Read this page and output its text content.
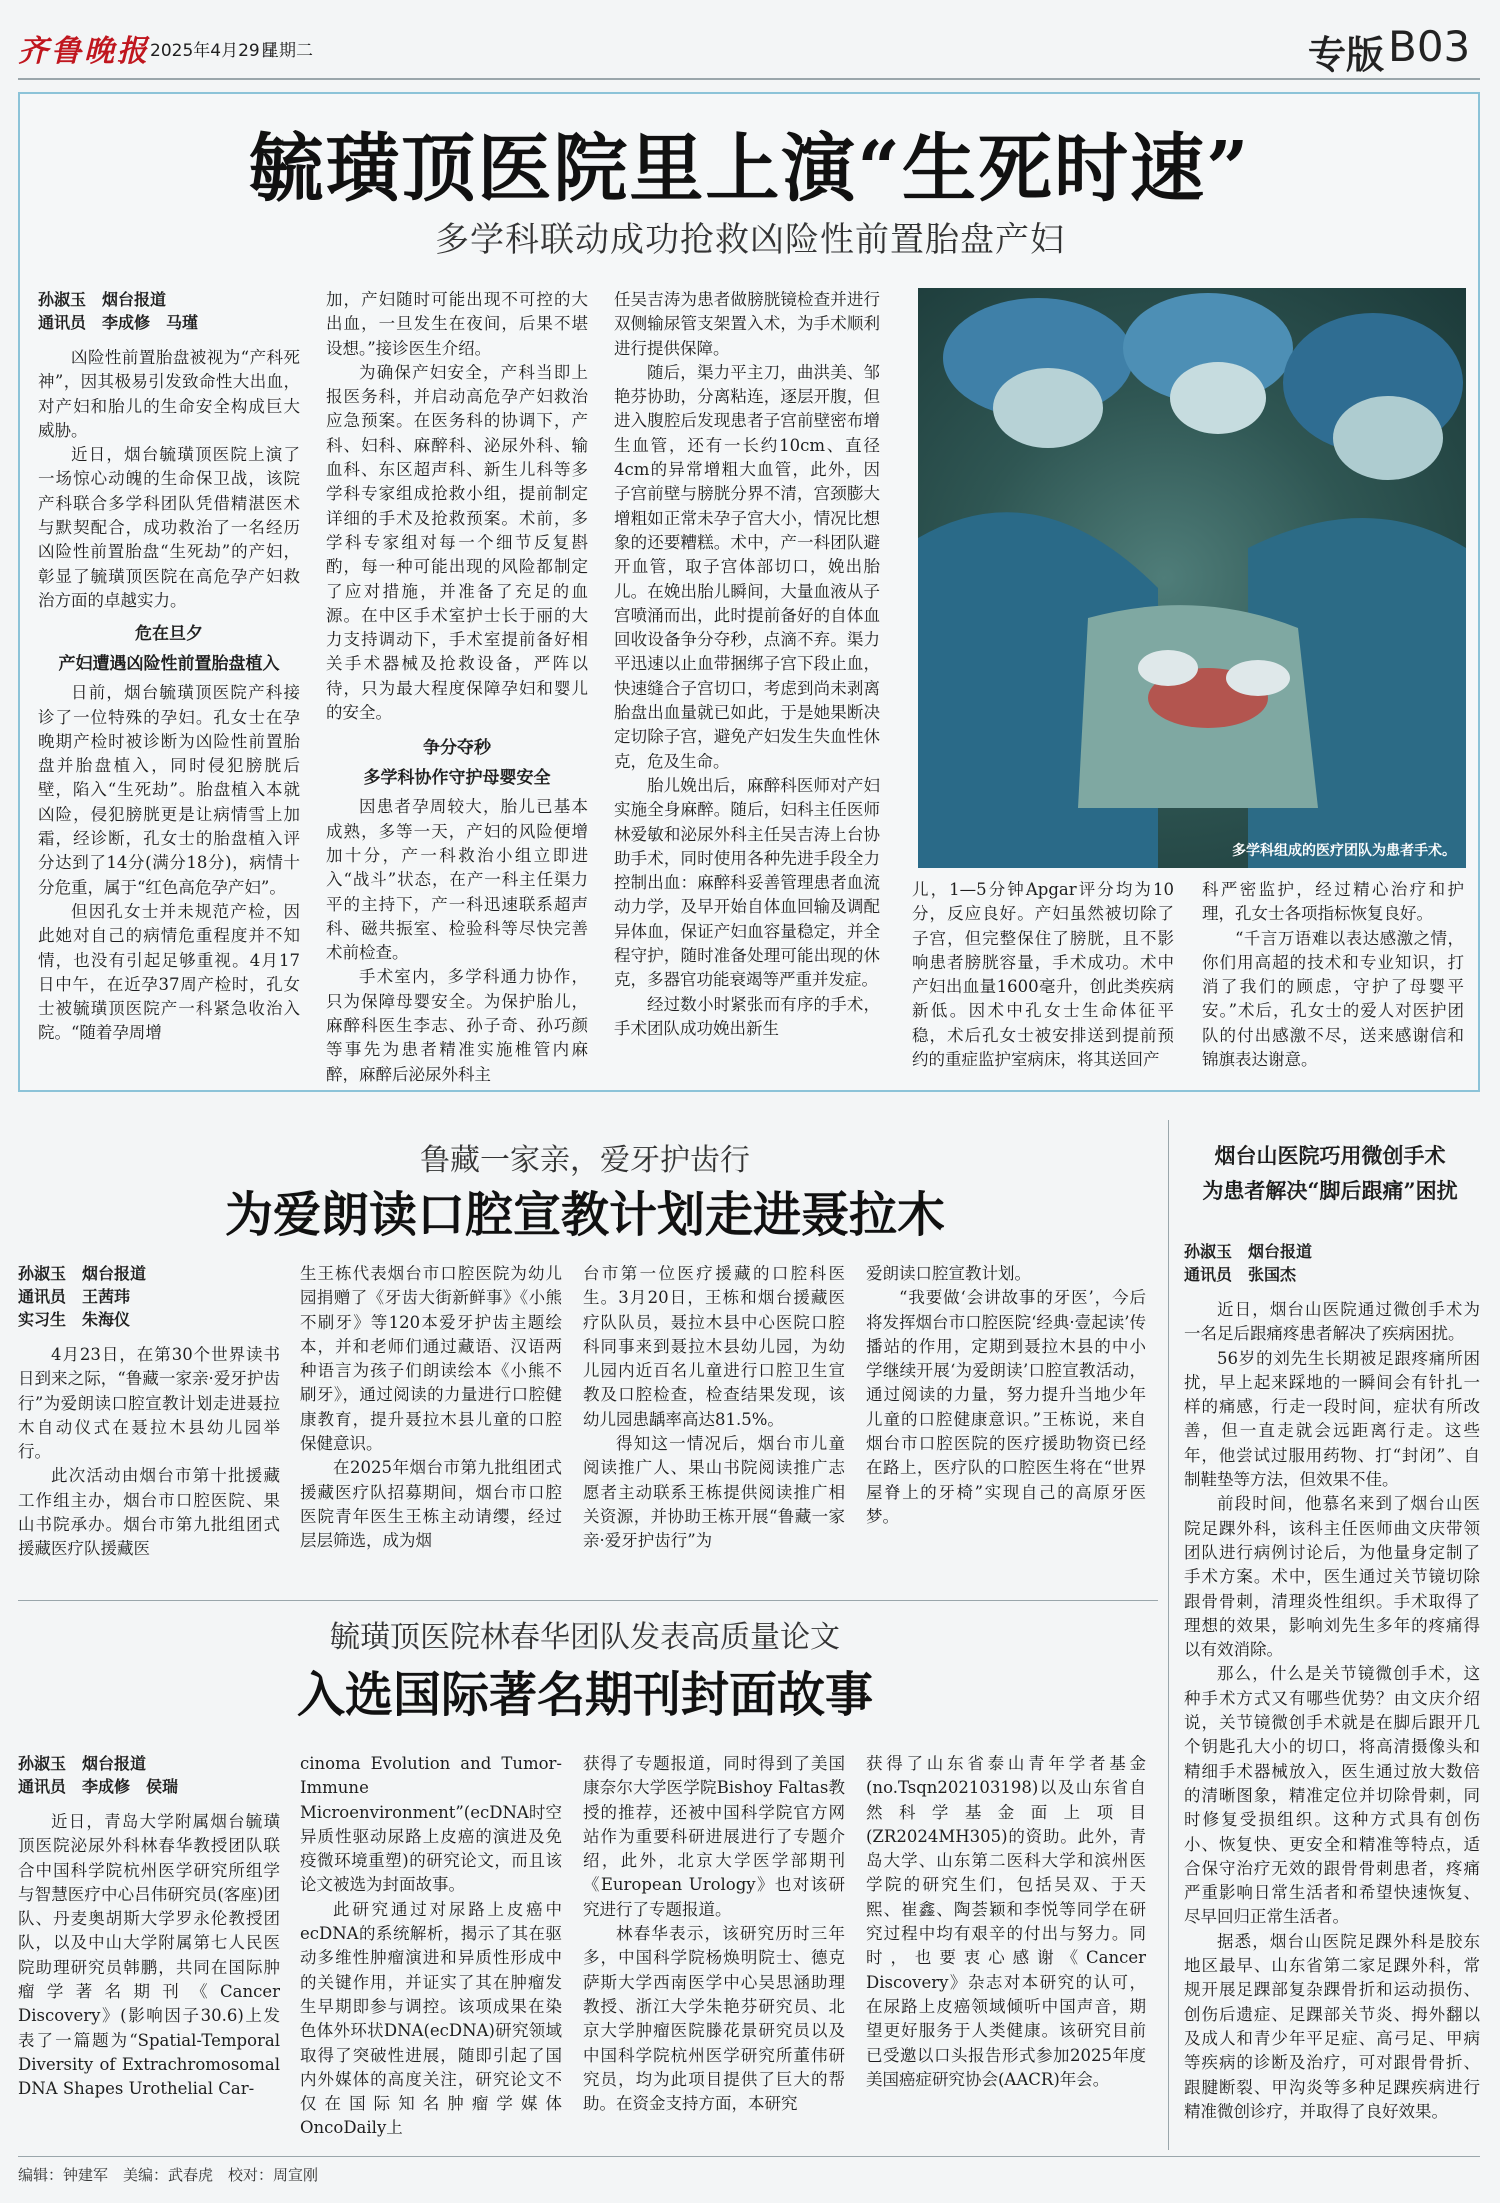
齐鲁晚报 2025年4月29日
星期二	专版 B03
毓璜顶医院里上演“生死时速”
多学科联动成功抢救凶险性前置胎盘产妇
孙淑玉　烟台报道
通讯员　李成修　马瑾

凶险性前置胎盘被视为“产科死神”，因其极易引发致命性大出血，对产妇和胎儿的生命安全构成巨大威胁。

近日，烟台毓璜顶医院上演了一场惊心动魄的生命保卫战，该院产科联合多学科团队凭借精湛医术与默契配合，成功救治了一名经历凶险性前置胎盘“生死劫”的产妇，彰显了毓璜顶医院在高危孕产妇救治方面的卓越实力。

危在旦夕
产妇遭遇凶险性前置胎盘植入

日前，烟台毓璜顶医院产科接诊了一位特殊的孕妇。孔女士在孕晚期产检时被诊断为凶险性前置胎盘并胎盘植入，同时侵犯膀胱后壁，陷入“生死劫”。胎盘植入本就凶险，侵犯膀胱更是让病情雪上加霜，经诊断，孔女士的胎盘植入评分达到了14分(满分18分)，病情十分危重，属于“红色高危孕产妇”。

但因孔女士并未规范产检，因此她对自己的病情危重程度并不知情，也没有引起足够重视。4月17日中午，在近孕37周产检时，孔女士被毓璜顶医院产一科紧急收治入院。“随着孕周增

加，产妇随时可能出现不可控的大出血，一旦发生在夜间，后果不堪设想。”接诊医生介绍。

为确保产妇安全，产科当即上报医务科，并启动高危孕产妇救治应急预案。在医务科的协调下，产科、妇科、麻醉科、泌尿外科、输血科、东区超声科、新生儿科等多学科专家组成抢救小组，提前制定详细的手术及抢救预案。术前，多学科专家组对每一个细节反复斟酌，每一种可能出现的风险都制定了应对措施，并准备了充足的血源。在中区手术室护士长于丽的大力支持调动下，手术室提前备好相关手术器械及抢救设备，严阵以待，只为最大程度保障孕妇和婴儿的安全。

争分夺秒
多学科协作守护母婴安全

因患者孕周较大，胎儿已基本成熟，多等一天，产妇的风险便增加十分，产一科救治小组立即进入“战斗”状态，在产一科主任渠力平的主持下，产一科迅速联系超声科、磁共振室、检验科等尽快完善术前检查。

手术室内，多学科通力协作，只为保障母婴安全。为保护胎儿，麻醉科医生李志、孙子奇、孙巧颜等事先为患者精准实施椎管内麻醉，麻醉后泌尿外科主

任吴吉涛为患者做膀胱镜检查并进行双侧输尿管支架置入术，为手术顺利进行提供保障。

随后，渠力平主刀，曲洪美、邹艳芬协助，分离粘连，逐层开腹，但进入腹腔后发现患者子宫前壁密布增生血管，还有一长约10cm、直径4cm的异常增粗大血管，此外，因子宫前壁与膀胱分界不清，宫颈膨大增粗如正常未孕子宫大小，情况比想象的还要糟糕。术中，产一科团队避开血管，取子宫体部切口，娩出胎儿。在娩出胎儿瞬间，大量血液从子宫喷涌而出，此时提前备好的自体血回收设备争分夺秒，点滴不弃。渠力平迅速以止血带捆绑子宫下段止血，快速缝合子宫切口，考虑到尚未剥离胎盘出血量就已如此，于是她果断决定切除子宫，避免产妇发生失血性休克，危及生命。

胎儿娩出后，麻醉科医师对产妇实施全身麻醉。随后，妇科主任医师林爱敏和泌尿外科主任吴吉涛上台协助手术，同时使用各种先进手段全力控制出血：麻醉科妥善管理患者血流动力学，及早开始自体血回输及调配异体血，保证产妇血容量稳定，并全程守护，随时准备处理可能出现的休克，多器官功能衰竭等严重并发症。

经过数小时紧张而有序的手术，手术团队成功娩出新生

多学科组成的医疗团队为患者手术。

儿，1—5分钟Apgar评分均为10分，反应良好。产妇虽然被切除了子宫，但完整保住了膀胱，且不影响患者膀胱容量，手术成功。术中产妇出血量1600毫升，创此类疾病新低。因术中孔女士生命体征平稳，术后孔女士被安排送到提前预约的重症监护室病床，将其送回产

科严密监护，经过精心治疗和护理，孔女士各项指标恢复良好。

“千言万语难以表达感激之情，你们用高超的技术和专业知识，打消了我们的顾虑，守护了母婴平安。”术后，孔女士的爱人对医护团队的付出感激不尽，送来感谢信和锦旗表达谢意。

鲁藏一家亲，爱牙护齿行
为爱朗读口腔宣教计划走进聂拉木
孙淑玉　烟台报道
通讯员　王茜玮
实习生　朱海仪

4月23日，在第30个世界读书日到来之际，“鲁藏一家亲·爱牙护齿行”为爱朗读口腔宣教计划走进聂拉木自动仪式在聂拉木县幼儿园举行。

此次活动由烟台市第十批援藏工作组主办，烟台市口腔医院、果山书院承办。烟台市第九批组团式援藏医疗队援藏医

生王栋代表烟台市口腔医院为幼儿园捐赠了《牙齿大街新鲜事》《小熊不刷牙》等120本爱牙护齿主题绘本，并和老师们通过藏语、汉语两种语言为孩子们朗读绘本《小熊不刷牙》，通过阅读的力量进行口腔健康教育，提升聂拉木县儿童的口腔保健意识。

在2025年烟台市第九批组团式援藏医疗队招募期间，烟台市口腔医院青年医生王栋主动请缨，经过层层筛选，成为烟

台市第一位医疗援藏的口腔科医生。3月20日，王栋和烟台援藏医疗队队员，聂拉木县中心医院口腔科同事来到聂拉木县幼儿园，为幼儿园内近百名儿童进行口腔卫生宣教及口腔检查，检查结果发现，该幼儿园患龋率高达81.5%。

得知这一情况后，烟台市儿童阅读推广人、果山书院阅读推广志愿者主动联系王栋提供阅读推广相关资源，并协助王栋开展“鲁藏一家亲·爱牙护齿行”为

爱朗读口腔宣教计划。

“我要做‘会讲故事的牙医’，今后将发挥烟台市口腔医院‘经典·壹起读’传播站的作用，定期到聂拉木县的中小学继续开展‘为爱朗读’口腔宣教活动，通过阅读的力量，努力提升当地少年儿童的口腔健康意识。”王栋说，来自烟台市口腔医院的医疗援助物资已经在路上，医疗队的口腔医生将在“世界屋脊上的牙椅”实现自己的高原牙医梦。

毓璜顶医院林春华团队发表高质量论文
入选国际著名期刊封面故事
孙淑玉　烟台报道
通讯员　李成修　侯瑞

近日，青岛大学附属烟台毓璜顶医院泌尿外科林春华教授团队联合中国科学院杭州医学研究所组学与智慧医疗中心吕伟研究员(客座)团队、丹麦奥胡斯大学罗永伦教授团队，以及中山大学附属第七人民医院助理研究员韩鹏，共同在国际肿瘤学著名期刊《Cancer Discovery》(影响因子30.6)上发表了一篇题为“Spatial-Temporal Diversity of Extrachromosomal DNA Shapes Urothelial Car-

cinoma Evolution and Tumor-Immune Microenvironment”(ecDNA时空异质性驱动尿路上皮癌的演进及免疫微环境重塑)的研究论文，而且该论文被选为封面故事。

此研究通过对尿路上皮癌中ecDNA的系统解析，揭示了其在驱动多维性肿瘤演进和异质性形成中的关键作用，并证实了其在肿瘤发生早期即参与调控。该项成果在染色体外环状DNA(ecDNA)研究领域取得了突破性进展，随即引起了国内外媒体的高度关注，研究论文不仅在国际知名肿瘤学媒体OncoDaily上

获得了专题报道，同时得到了美国康奈尔大学医学院Bishoy Faltas教授的推荐，还被中国科学院官方网站作为重要科研进展进行了专题介绍，此外，北京大学医学部期刊《European Urology》也对该研究进行了专题报道。

林春华表示，该研究历时三年多，中国科学院杨焕明院士、德克萨斯大学西南医学中心吴思涵助理教授、浙江大学朱艳芬研究员、北京大学肿瘤医院滕花景研究员以及中国科学院杭州医学研究所董伟研究员，均为此项目提供了巨大的帮助。在资金支持方面，本研究

获得了山东省泰山青年学者基金(no.Tsqn202103198)以及山东省自然科学基金面上项目(ZR2024MH305)的资助。此外，青岛大学、山东第二医科大学和滨州医学院的研究生们，包括吴双、于天熙、崔鑫、陶荟颖和李悦等同学在研究过程中均有艰辛的付出与努力。同时，也要衷心感谢《Cancer Discovery》杂志对本研究的认可，在尿路上皮癌领域倾听中国声音，期望更好服务于人类健康。该研究目前已受邀以口头报告形式参加2025年度美国癌症研究协会(AACR)年会。

烟台山医院巧用微创手术
为患者解决“脚后跟痛”困扰
孙淑玉　烟台报道
通讯员　张国杰

近日，烟台山医院通过微创手术为一名足后跟痛疼患者解决了疾病困扰。

56岁的刘先生长期被足跟疼痛所困扰，早上起来踩地的一瞬间会有针扎一样的痛感，行走一段时间，症状有所改善，但一直走就会远距离行走。这些年，他尝试过服用药物、打“封闭”、自制鞋垫等方法，但效果不佳。

前段时间，他慕名来到了烟台山医院足踝外科，该科主任医师曲文庆带领团队进行病例讨论后，为他量身定制了手术方案。术中，医生通过关节镜切除跟骨骨刺，清理炎性组织。手术取得了理想的效果，影响刘先生多年的疼痛得以有效消除。

那么，什么是关节镜微创手术，这种手术方式又有哪些优势？由文庆介绍说，关节镜微创手术就是在脚后跟开几个钥匙孔大小的切口，将高清摄像头和精细手术器械放入，医生通过放大数倍的清晰图象，精准定位并切除骨刺，同时修复受损组织。这种方式具有创伤小、恢复快、更安全和精准等特点，适合保守治疗无效的跟骨骨刺患者，疼痛严重影响日常生活者和希望快速恢复、尽早回归正常生活者。

据悉，烟台山医院足踝外科是胶东地区最早、山东省第二家足踝外科，常规开展足踝部复杂踝骨折和运动损伤、创伤后遗症、足踝部关节炎、拇外翻以及成人和青少年平足症、高弓足、甲病等疾病的诊断及治疗，可对跟骨骨折、跟腱断裂、甲沟炎等多种足踝疾病进行精准微创诊疗，并取得了良好效果。

编辑：钟建军　美编：武春虎　校对：周宣刚
